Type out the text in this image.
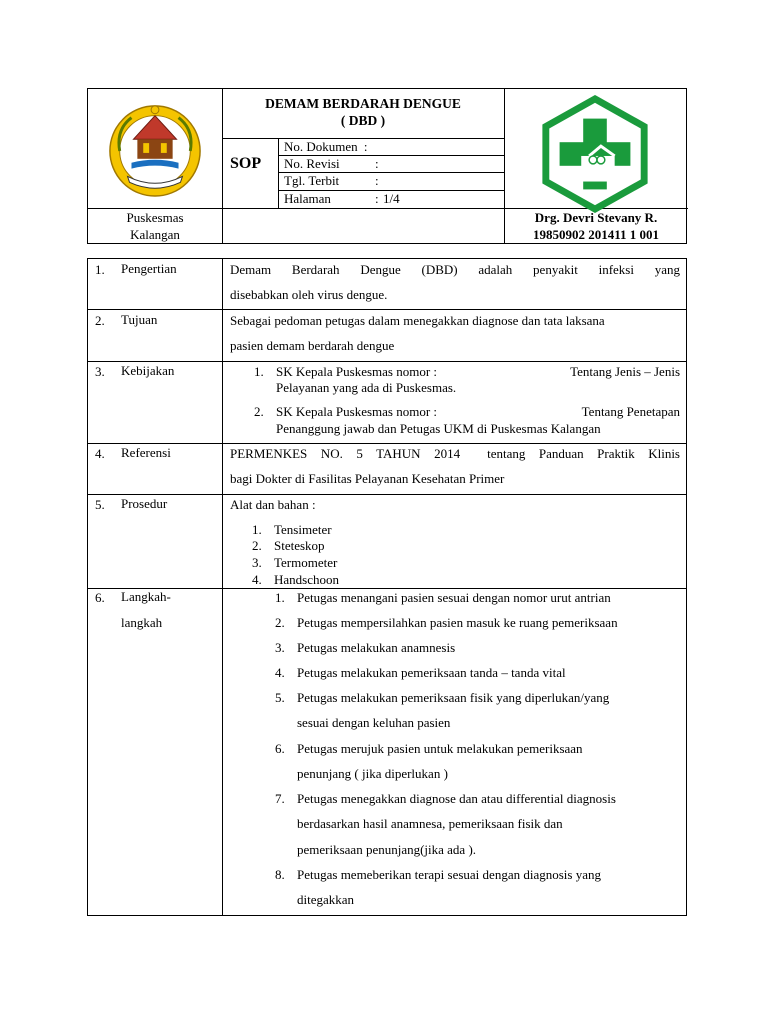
DEMAM BERDARAH DENGUE
( DBD )
SOP
No. Dokumen :
No. Revisi	:
Tgl. Terbit	:
Halaman	: 1/4
Puskesmas
Kalangan
Drg. Devri Stevany R.
19850902 201411 1 001
1. Pengertian	Demam Berdarah Dengue (DBD) adalah penyakit infeksi yang
disebabkan oleh virus dengue.
2. Tujuan	Sebagai pedoman petugas dalam menegakkan diagnose dan tata laksana
pasien demam berdarah dengue
3. Kebijakan	1. SK Kepala Puskesmas nomor :	Tentang Jenis – Jenis
Pelayanan yang ada di Puskesmas.
2. SK Kepala Puskesmas nomor :	Tentang Penetapan
Penanggung jawab dan Petugas UKM di Puskesmas Kalangan
4. Referensi	PERMENKES NO. 5 TAHUN 2014  tentang Panduan Praktik Klinis
bagi Dokter di Fasilitas Pelayanan Kesehatan Primer
5. Prosedur	Alat dan bahan :
1. Tensimeter
2. Steteskop
3. Termometer
4. Handschoon
6. Langkah-
langkah
1. Petugas menangani pasien sesuai dengan nomor urut antrian
2. Petugas mempersilahkan pasien masuk ke ruang pemeriksaan
3. Petugas melakukan anamnesis
4. Petugas melakukan pemeriksaan tanda – tanda vital
5. Petugas melakukan pemeriksaan fisik yang diperlukan/yang
sesuai dengan keluhan pasien
6. Petugas merujuk pasien untuk melakukan pemeriksaan
penunjang ( jika diperlukan )
7. Petugas menegakkan diagnose dan atau differential diagnosis
berdasarkan hasil anamnesa, pemeriksaan fisik dan
pemeriksaan penunjang(jika ada ).
8. Petugas memeberikan terapi sesuai dengan diagnosis yang
ditegakkan
